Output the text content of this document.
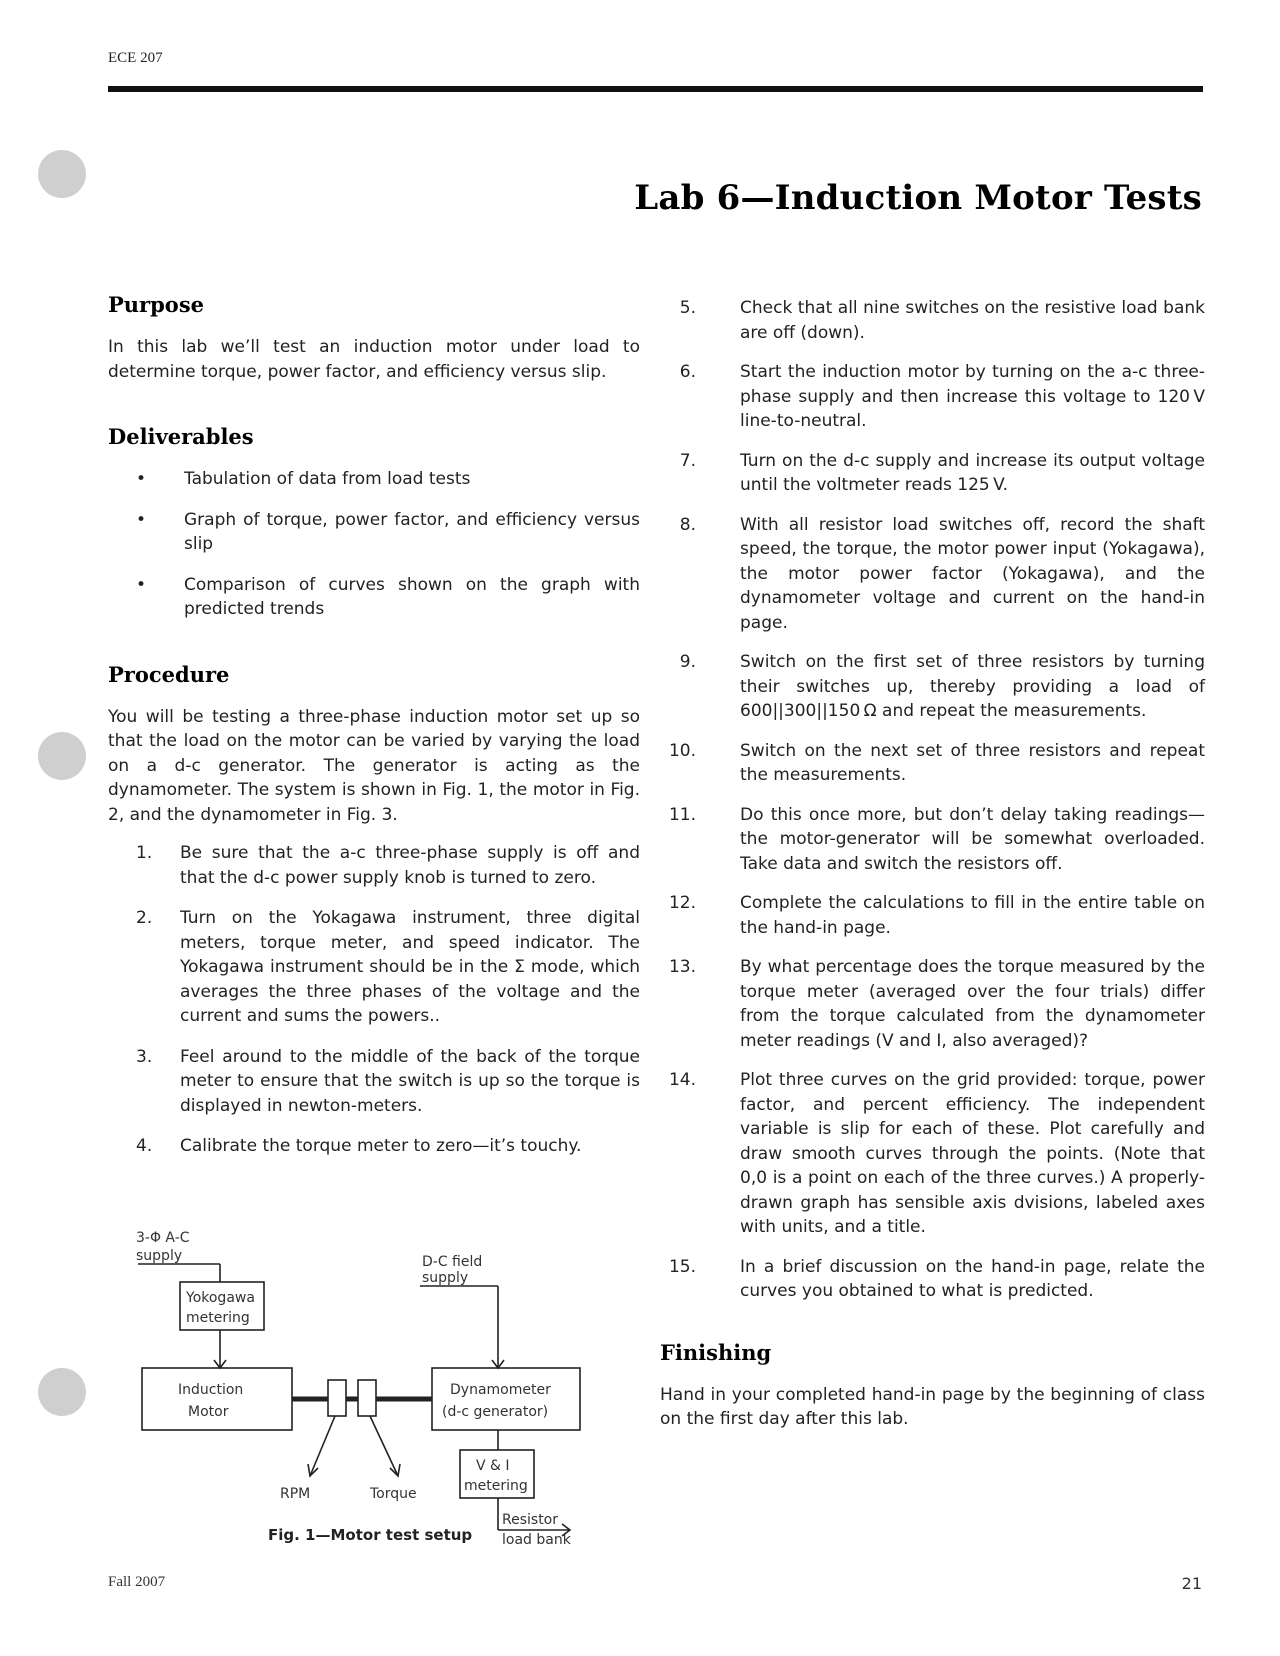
ECE 207
Lab 6—Induction Motor Tests
Purpose

In this lab we’ll test an induction motor under load to determine torque, power factor, and efficiency versus slip.

Deliverables
• Tabulation of data from load tests
• Graph of torque, power factor, and efficiency versus slip
• Comparison of curves shown on the graph with predicted trends
Procedure

You will be testing a three-phase induction motor set up so that the load on the motor can be varied by varying the load on a d-c generator. The generator is acting as the dynamometer. The system is shown in Fig. 1, the motor in Fig. 2, and the dynamometer in Fig. 3.

1. Be sure that the a-c three-phase supply is off and that the d-c power supply knob is turned to zero.
2. Turn on the Yokagawa instrument, three digital meters, torque meter, and speed indicator. The Yokagawa instrument should be in the Σ mode, which averages the three phases of the voltage and the current and sums the powers..
3. Feel around to the middle of the back of the torque meter to ensure that the switch is up so the torque is displayed in newton-meters.
4. Calibrate the torque meter to zero—it’s touchy.
3-Φ A-C
supply
Yokogawa
metering
D-C field
supply
Induction
Motor
Dynamometer
(d-c generator)
V & I
metering
Resistor
load bank
RPM	Torque
Fig. 1—Motor test setup
5.	Check that all nine switches on the resistive load bank are off (down).
6.	Start the induction motor by turning on the a-c three-phase supply and then increase this voltage to 120 V line-to-neutral.
7.	Turn on the d-c supply and increase its output voltage until the voltmeter reads 125 V.
8.	With all resistor load switches off, record the shaft speed, the torque, the motor power input (Yokagawa), the motor power factor (Yokagawa), and the dynamometer voltage and current on the hand-in page.
9.	Switch on the first set of three resistors by turning their switches up, thereby providing a load of 600||300||150 Ω and repeat the measurements.
10.	Switch on the next set of three resistors and repeat the measurements.
11.	Do this once more, but don’t delay taking readings—the motor-generator will be somewhat overloaded. Take data and switch the resistors off.
12.	Complete the calculations to fill in the entire table on the hand-in page.
13.	By what percentage does the torque measured by the torque meter (averaged over the four trials) differ from the torque calculated from the dynamometer meter readings (V and I, also averaged)?
14.	Plot three curves on the grid provided: torque, power factor, and percent efficiency. The independent variable is slip for each of these. Plot carefully and draw smooth curves through the points. (Note that 0,0 is a point on each of the three curves.) A properly-drawn graph has sensible axis dvisions, labeled axes with units, and a title.
15.	In a brief discussion on the hand-in page, relate the curves you obtained to what is predicted.
Finishing

Hand in your completed hand-in page by the beginning of class on the first day after this lab.

Fall 2007	21
